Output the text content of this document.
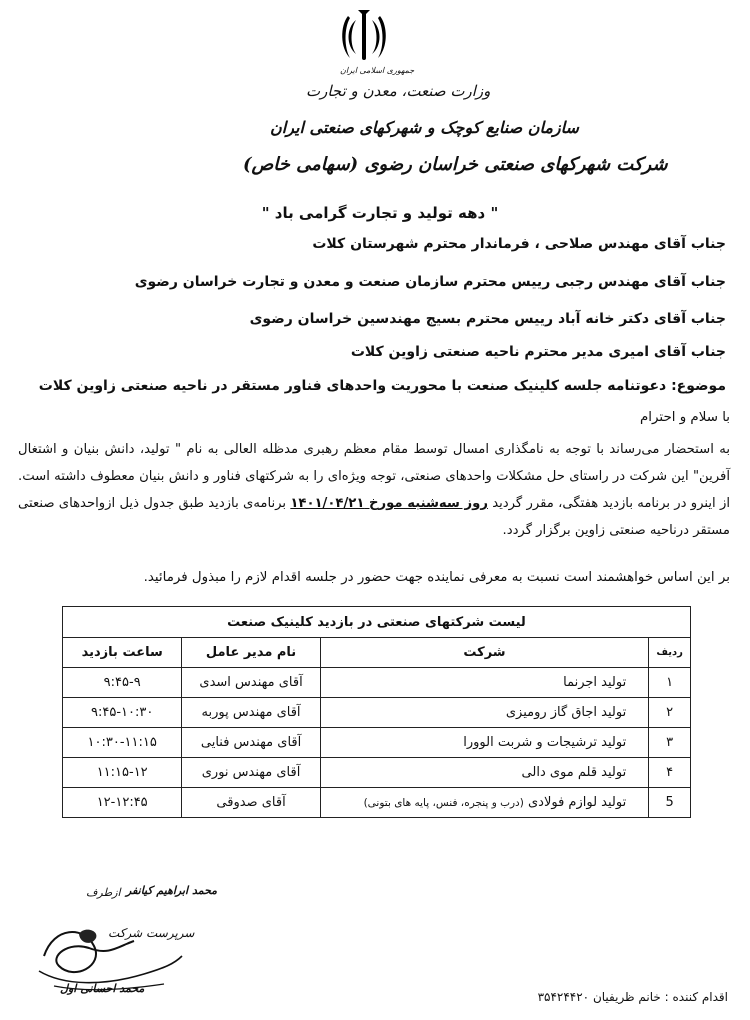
جمهوری اسلامی ایران
وزارت صنعت، معدن و تجارت
سازمان صنایع کوچک و شهرکهای صنعتی ایران
شرکت شهرکهای صنعتی خراسان رضوی (سهامی خاص)
" دهه تولید و تجارت گرامی باد "
جناب آقای مهندس صلاحی ، فرماندار محترم شهرستان کلات
جناب آقای مهندس رجبی رییس محترم سازمان صنعت و معدن و تجارت خراسان رضوی
جناب آقای دکتر خانه آباد رییس محترم بسیج مهندسین خراسان رضوی
جناب آقای امیری مدیر محترم ناحیه صنعتی زاوین کلات
موضوع: دعوتنامه جلسه کلینیک صنعت با محوریت واحدهای فناور مستقر در ناحیه صنعتی زاوین کلات
با سلام و احترام
به استحضار می‌رساند با توجه به نامگذاری امسال توسط مقام معظم رهبری مدظله العالی به نام " تولید، دانش بنیان و اشتغال آفرین" این شرکت در راستای حل مشکلات واحدهای صنعتی، توجه ویژه‌ای را به شرکتهای فناور و دانش بنیان معطوف داشته است. از اینرو در برنامه بازدید هفتگی، مقرر گردید روز سه‌شنبه مورخ ۱۴۰۱/۰۴/۲۱ برنامه‌ی بازدید طبق جدول ذیل ازواحدهای صنعتی مستقر درناحیه صنعتی زاوین برگزار گردد.
بر این اساس خواهشمند است نسبت به معرفی نماینده جهت حضور در جلسه اقدام لازم را مبذول فرمائید.
لیست شرکتهای صنعتی در بازدید کلینیک صنعت			
ردیف	شرکت	نام مدیر عامل	ساعت بازدید
۱	تولید اجرنما	آقای مهندس اسدی	۹:۴۵-۹
۲	تولید اجاق گاز رومیزی	آقای مهندس پوربه	۹:۴۵-۱۰:۳۰
۳	تولید ترشیجات و شربت الوورا	آقای مهندس فنایی	۱۰:۳۰-۱۱:۱۵
۴	تولید قلم موی دالی	آقای مهندس نوری	۱۱:۱۵-۱۲
5	تولید لوازم فولادی (درب و پنجره، فنس، پایه های بتونی)	آقای صدوقی	۱۲-۱۲:۴۵
ازطرف محمد ابراهیم کیانفر
سرپرست شرکت
محمد احسانی اول
اقدام کننده : خانم ظریفیان ۳۵۴۲۴۴۲۰
